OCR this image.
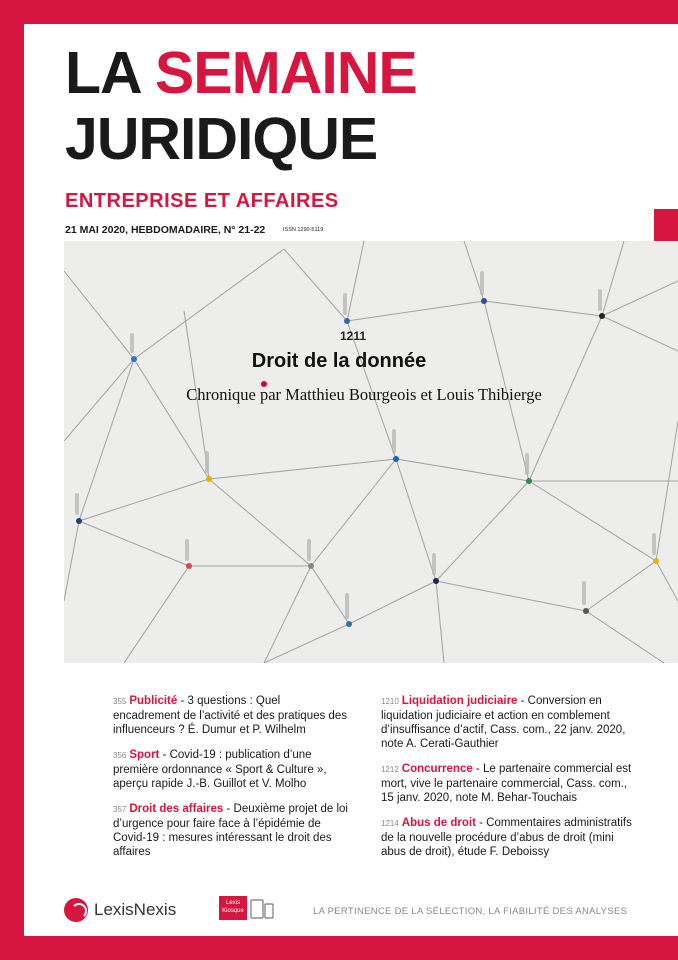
LA SEMAINE
JURIDIQUE
ENTREPRISE ET AFFAIRES
21 MAI 2020, HEBDOMADAIRE, N° 21-22	ISSN 1290-5119
1211
Droit de la donnée
Chronique par Matthieu Bourgeois et Louis Thibierge
355 Publicité - 3 questions : Quel encadrement de l’activité et des pratiques des influenceurs ? É. Dumur et P. Wilhelm
356 Sport - Covid-19 : publication d’une première ordonnance « Sport & Culture », aperçu rapide J.-B. Guillot et V. Molho
357 Droit des affaires - Deuxième projet de loi d’urgence pour faire face à l’épidémie de Covid-19 : mesures intéressant le droit des affaires
1210 Liquidation judiciaire - Conversion en liquidation judiciaire et action en comblement d’insuffisance d’actif, Cass. com., 22 janv. 2020, note A. Cerati-Gauthier
1212 Concurrence - Le partenaire commercial est mort, vive le partenaire commercial, Cass. com., 15 janv. 2020, note M. Behar-Touchais
1214 Abus de droit - Commentaires administratifs de la nouvelle procédure d’abus de droit (mini abus de droit), étude F. Deboissy
LexisNexis	Lexis Kiosque	LA PERTINENCE DE LA SÉLECTION, LA FIABILITÉ DES ANALYSES
